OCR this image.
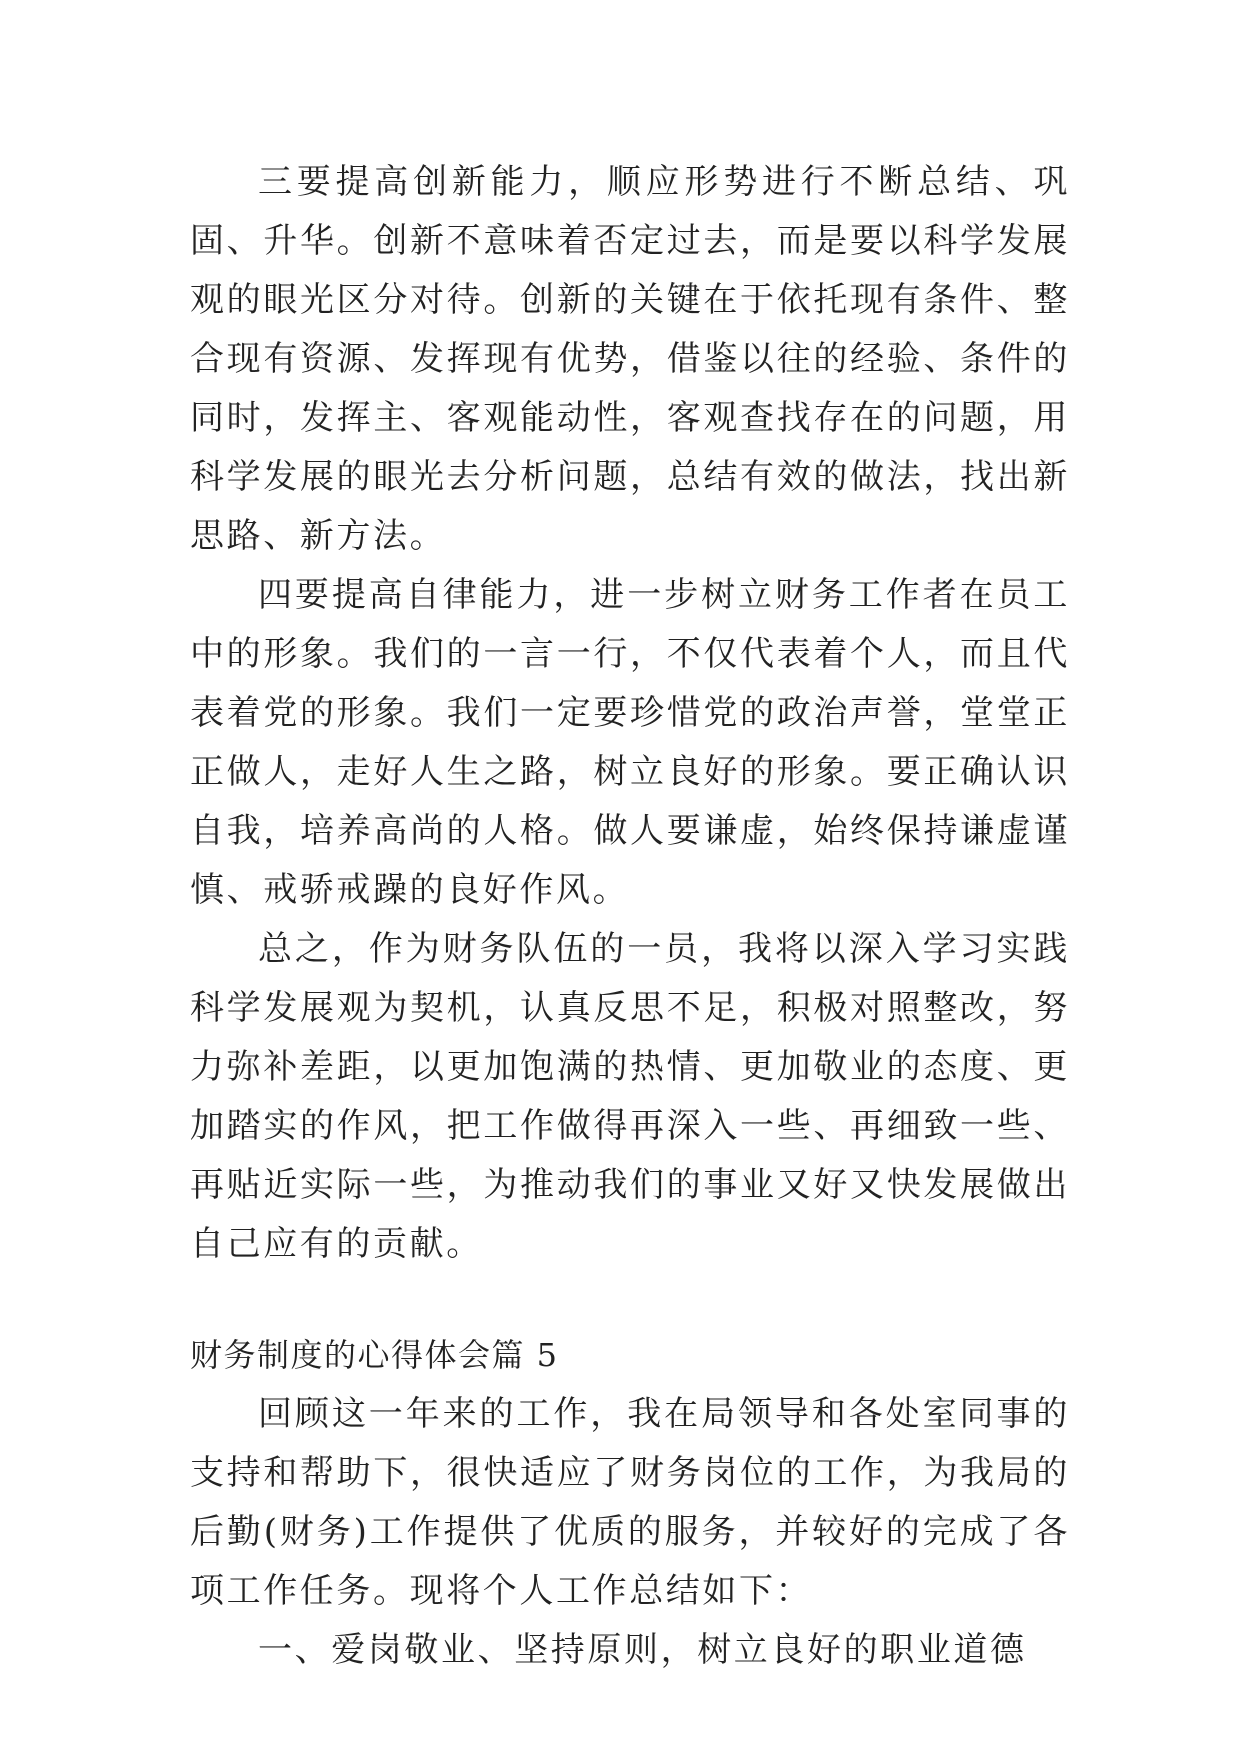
三要提高创新能力，顺应形势进行不断总结、巩固、升华。创新不意味着否定过去，而是要以科学发展观的眼光区分对待。创新的关键在于依托现有条件、整合现有资源、发挥现有优势，借鉴以往的经验、条件的同时，发挥主、客观能动性，客观查找存在的问题，用科学发展的眼光去分析问题，总结有效的做法，找出新思路、新方法。

四要提高自律能力，进一步树立财务工作者在员工中的形象。我们的一言一行，不仅代表着个人，而且代表着党的形象。我们一定要珍惜党的政治声誉，堂堂正正做人，走好人生之路，树立良好的形象。要正确认识自我，培养高尚的人格。做人要谦虚，始终保持谦虚谨慎、戒骄戒躁的良好作风。

总之，作为财务队伍的一员，我将以深入学习实践科学发展观为契机，认真反思不足，积极对照整改，努力弥补差距，以更加饱满的热情、更加敬业的态度、更加踏实的作风，把工作做得再深入一些、再细致一些、再贴近实际一些，为推动我们的事业又好又快发展做出自己应有的贡献。

财务制度的心得体会篇 5

回顾这一年来的工作，我在局领导和各处室同事的支持和帮助下，很快适应了财务岗位的工作，为我局的后勤(财务)工作提供了优质的服务，并较好的完成了各项工作任务。现将个人工作总结如下：

一、爱岗敬业、坚持原则，树立良好的职业道德
